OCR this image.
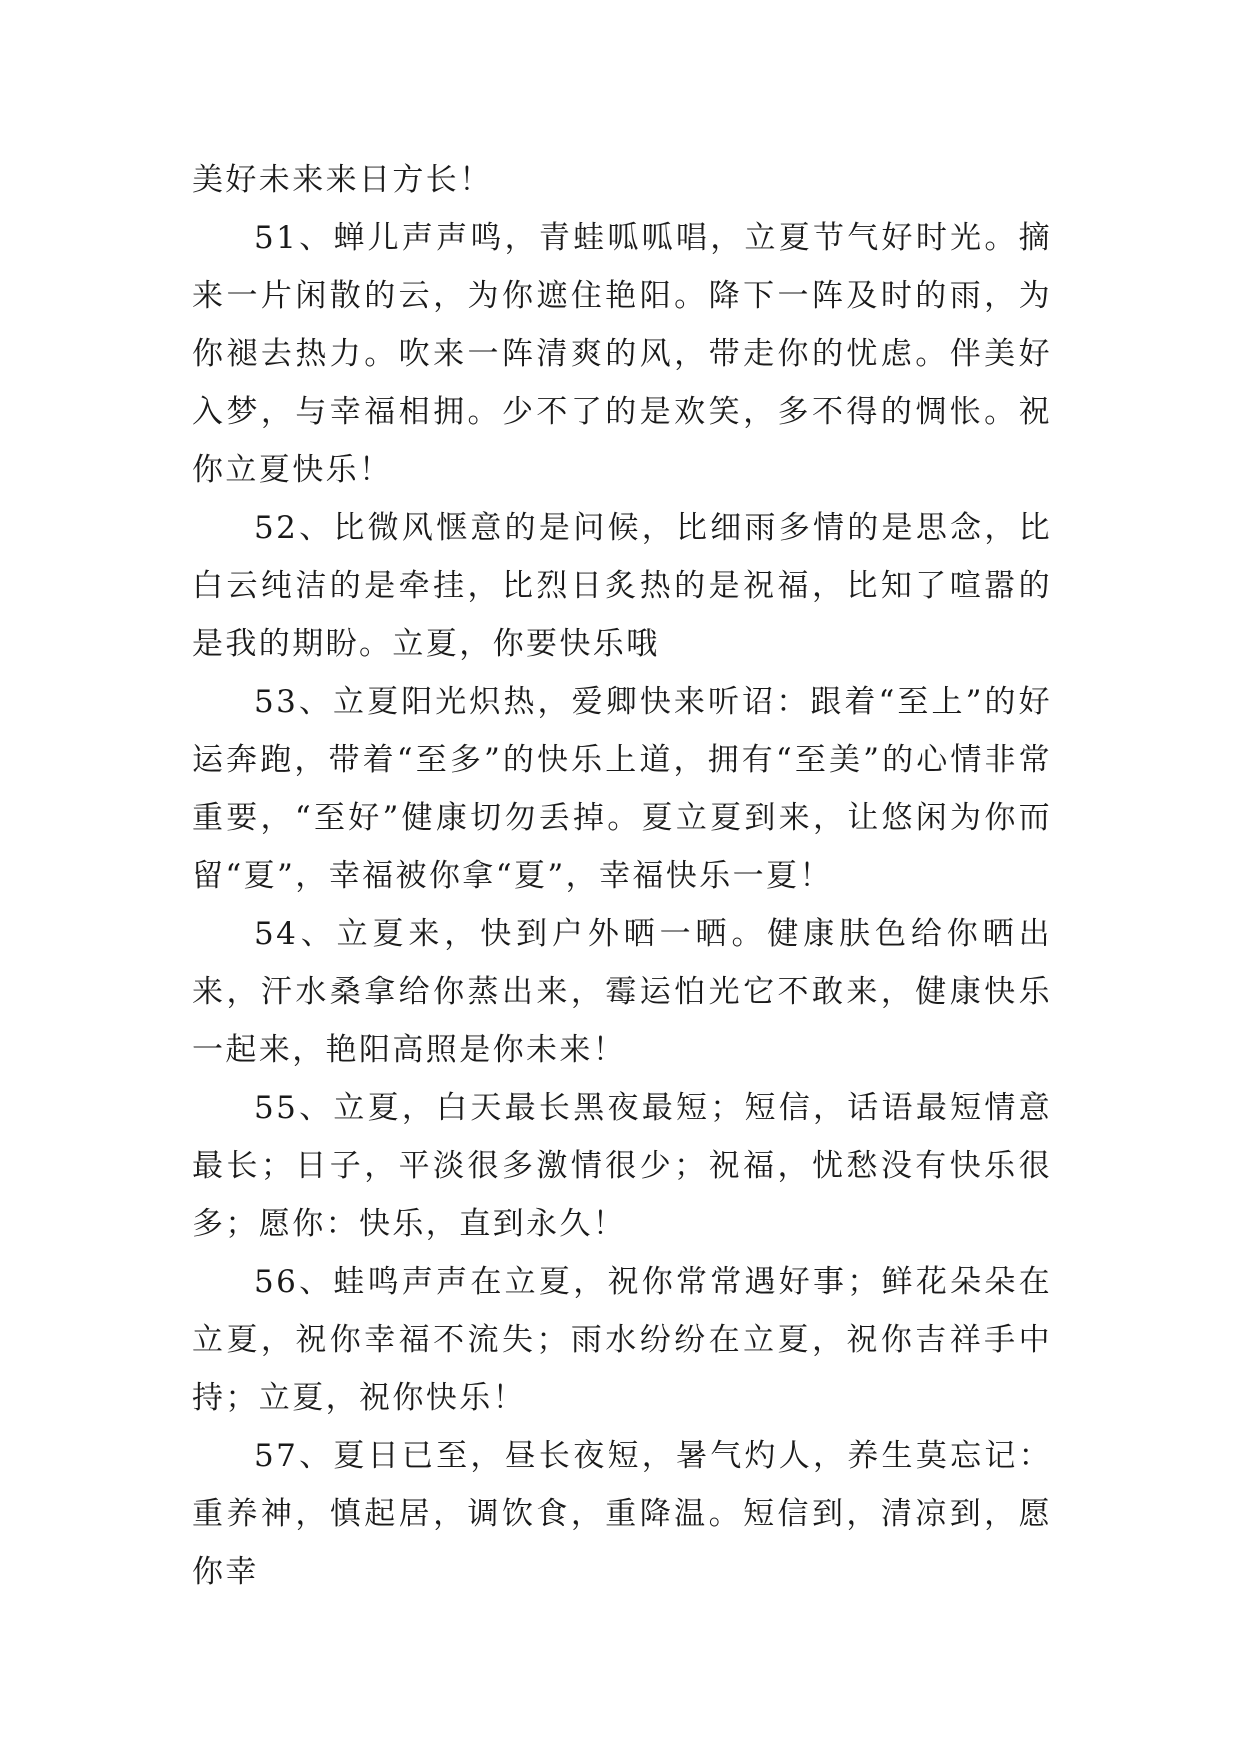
美好未来来日方长！

51、蝉儿声声鸣，青蛙呱呱唱，立夏节气好时光。摘来一片闲散的云，为你遮住艳阳。降下一阵及时的雨，为你褪去热力。吹来一阵清爽的风，带走你的忧虑。伴美好入梦，与幸福相拥。少不了的是欢笑，多不得的惆怅。祝你立夏快乐！

52、比微风惬意的是问候，比细雨多情的是思念，比白云纯洁的是牵挂，比烈日炙热的是祝福，比知了喧嚣的是我的期盼。立夏，你要快乐哦

53、立夏阳光炽热，爱卿快来听诏：跟着“至上”的好运奔跑，带着“至多”的快乐上道，拥有“至美”的心情非常重要，“至好”健康切勿丢掉。夏立夏到来，让悠闲为你而留“夏”，幸福被你拿“夏”，幸福快乐一夏！

54、立夏来，快到户外晒一晒。健康肤色给你晒出来，汗水桑拿给你蒸出来，霉运怕光它不敢来，健康快乐一起来，艳阳高照是你未来！

55、立夏，白天最长黑夜最短；短信，话语最短情意最长；日子，平淡很多激情很少；祝福，忧愁没有快乐很多；愿你：快乐，直到永久！

56、蛙鸣声声在立夏，祝你常常遇好事；鲜花朵朵在立夏，祝你幸福不流失；雨水纷纷在立夏，祝你吉祥手中持；立夏，祝你快乐！

57、夏日已至，昼长夜短，暑气灼人，养生莫忘记：重养神，慎起居，调饮食，重降温。短信到，清凉到，愿你幸
